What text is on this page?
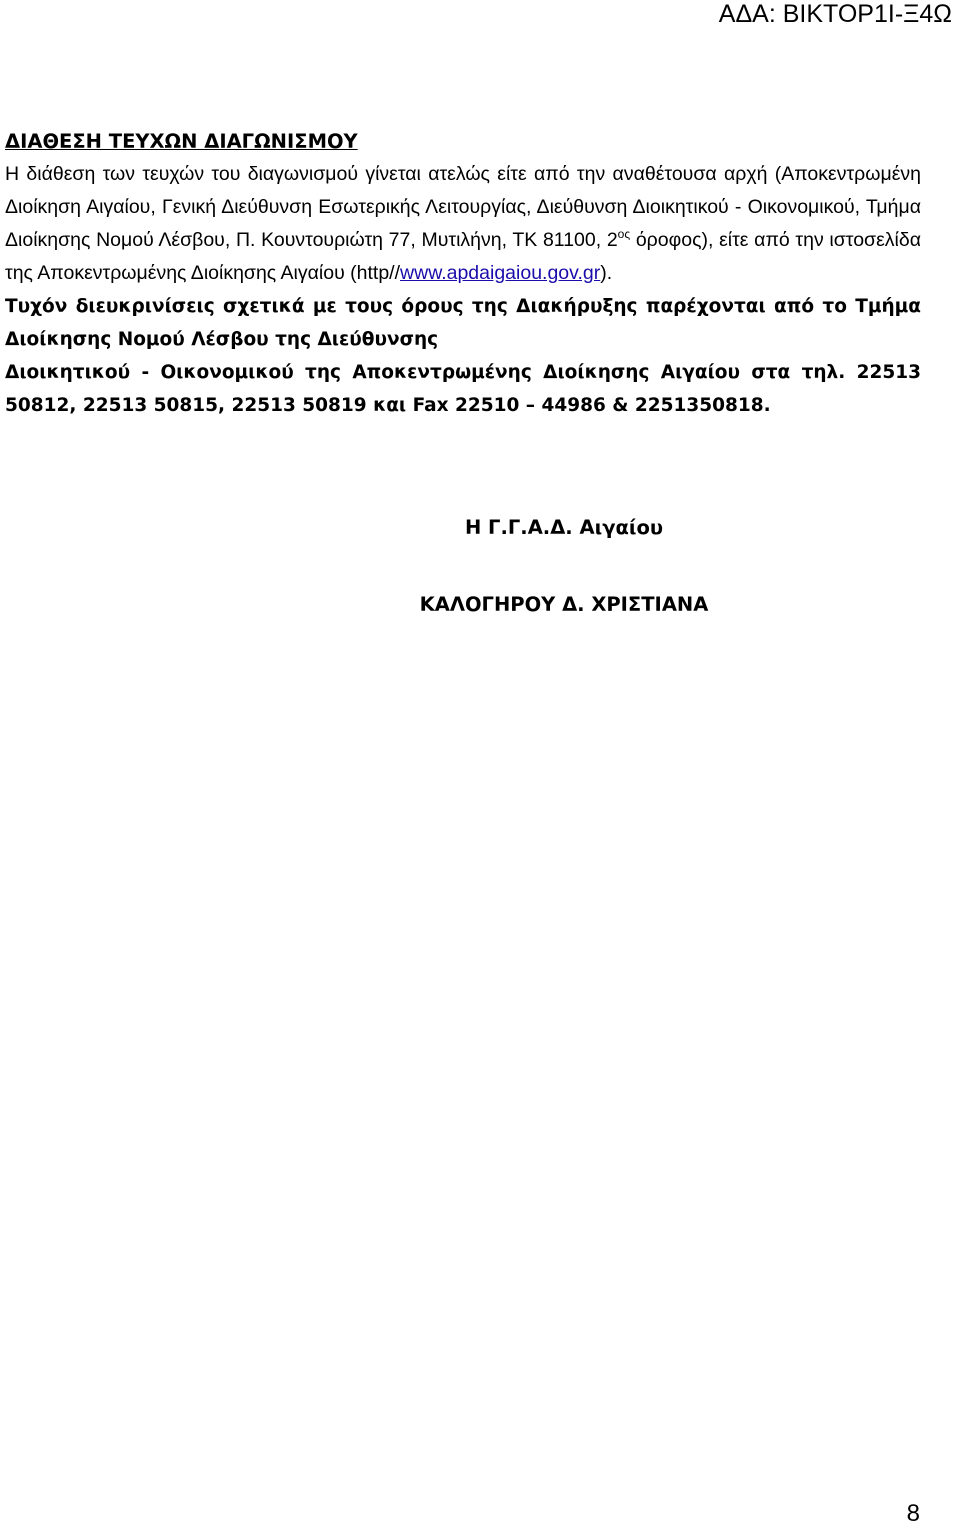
ΑΔΑ: ΒΙΚΤΟΡ1Ι-Ξ4Ω

ΔΙΑΘΕΣΗ ΤΕΥΧΩΝ ΔΙΑΓΩΝΙΣΜΟΥ

Η διάθεση των τευχών του διαγωνισμού γίνεται ατελώς είτε από την αναθέτουσα αρχή (Αποκεντρωμένη Διοίκηση Αιγαίου, Γενική Διεύθυνση Εσωτερικής Λειτουργίας, Διεύθυνση Διοικητικού - Οικονομικού, Τμήμα Διοίκησης Νομού Λέσβου, Π. Κουντουριώτη 77, Μυτιλήνη, ΤΚ 81100, $2^{o\varsigma}$ όροφος), είτε από την ιστοσελίδα της Αποκεντρωμένης Διοίκησης Αιγαίου (http//www.apdaigaiou.gov.gr).

Τυχόν διευκρινίσεις σχετικά με τους όρους της Διακήρυξης παρέχονται από το Τμήμα Διοίκησης Νομού Λέσβου της Διεύθυνσης
Διοικητικού - Οικονομικού της Αποκεντρωμένης Διοίκησης Αιγαίου στα τηλ. 22513 50812, 22513 50815, 22513 50819 και Fax 22510 – 44986 & 2251350818.

Η Γ.Γ.Α.Δ. Αιγαίου
ΚΑΛΟΓΗΡΟΥ Δ. ΧΡΙΣΤΙΑΝΑ
8
